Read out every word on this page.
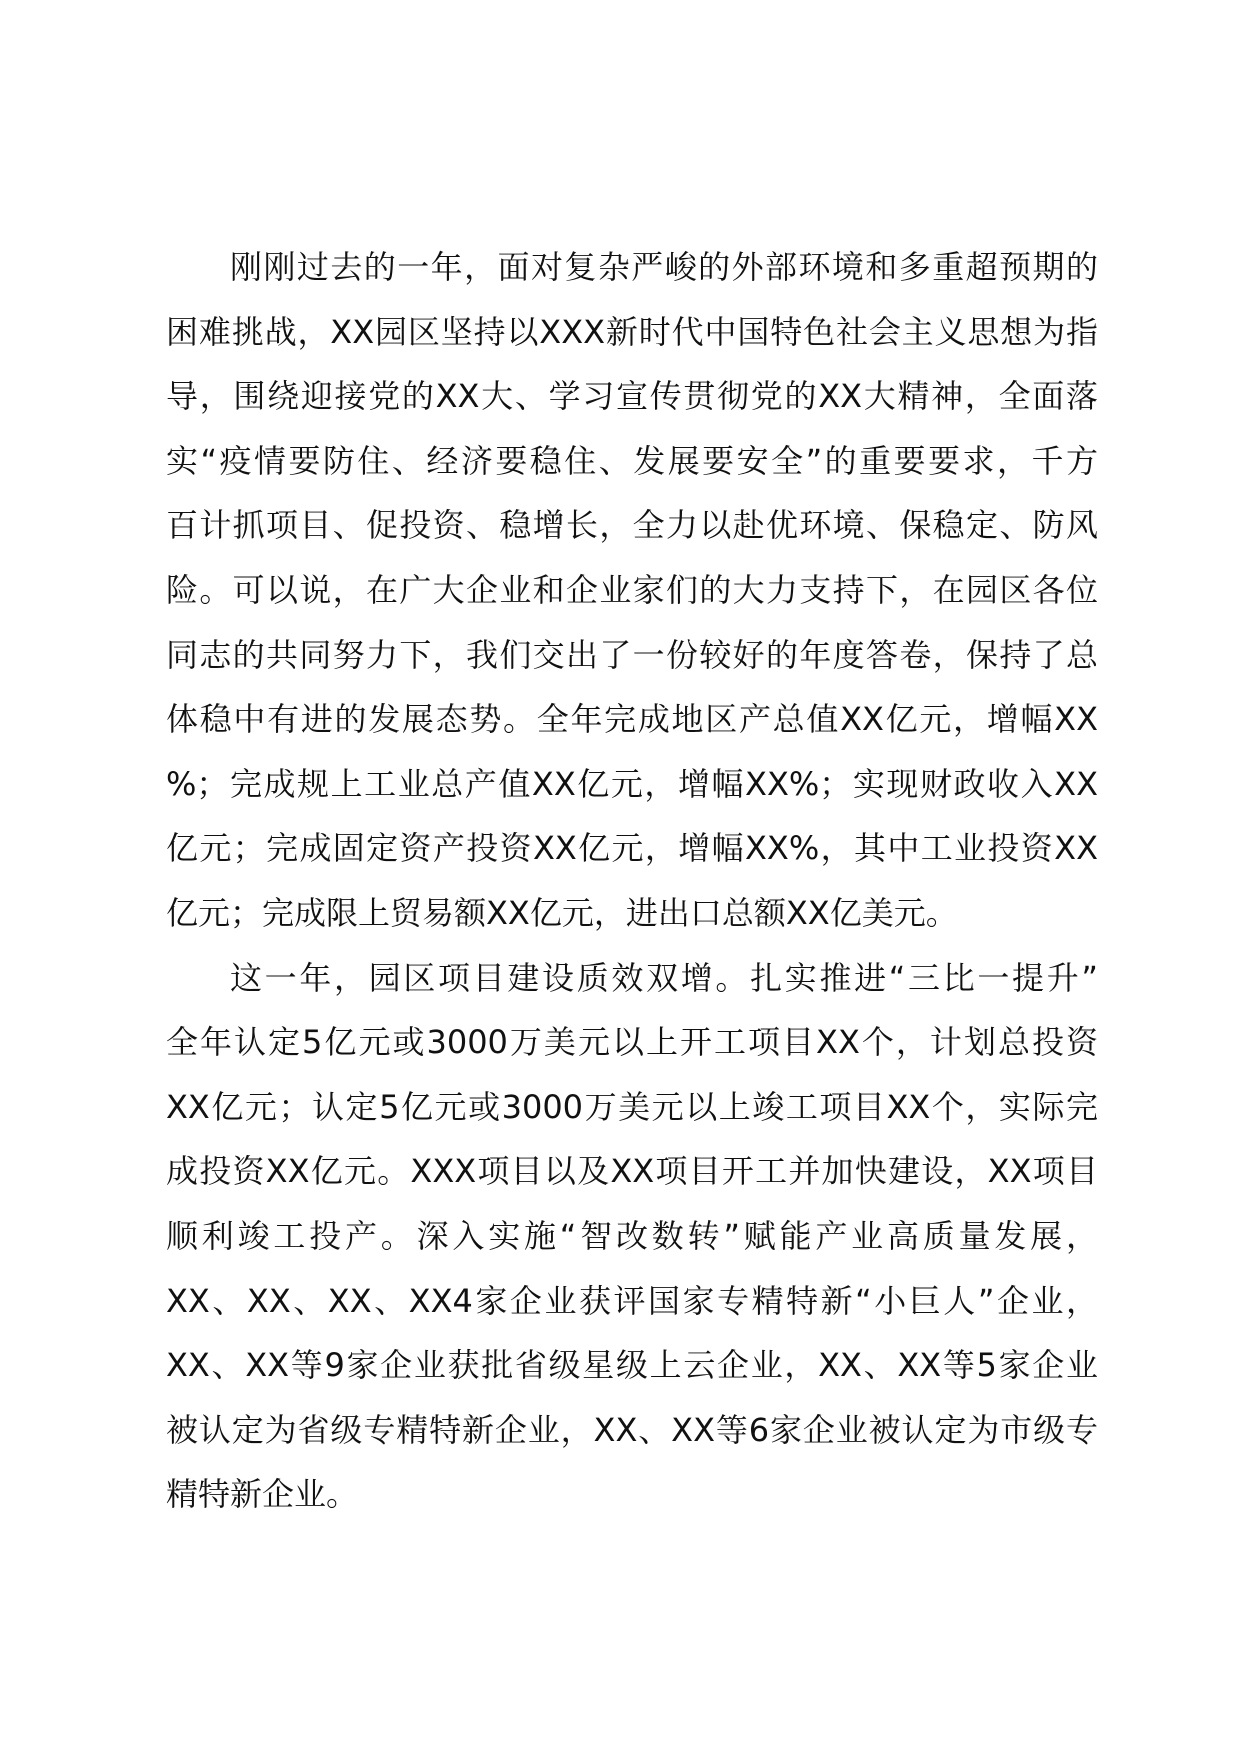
刚刚过去的一年，面对复杂严峻的外部环境和多重超预期的
困难挑战，XX园区坚持以XXX新时代中国特色社会主义思想为指
导，围绕迎接党的XX大、学习宣传贯彻党的XX大精神，全面落
实“疫情要防住、经济要稳住、发展要安全”的重要要求，千方
百计抓项目、促投资、稳增长，全力以赴优环境、保稳定、防风
险。可以说，在广大企业和企业家们的大力支持下，在园区各位
同志的共同努力下，我们交出了一份较好的年度答卷，保持了总
体稳中有进的发展态势。全年完成地区产总值XX亿元，增幅XX
%；完成规上工业总产值XX亿元，增幅XX%；实现财政收入XX
亿元；完成固定资产投资XX亿元，增幅XX%，其中工业投资XX
亿元；完成限上贸易额XX亿元，进出口总额XX亿美元。
这一年，园区项目建设质效双增。扎实推进“三比一提升”
全年认定5亿元或3000万美元以上开工项目XX个，计划总投资
XX亿元；认定5亿元或3000万美元以上竣工项目XX个，实际完
成投资XX亿元。XXX项目以及XX项目开工并加快建设，XX项目
顺利竣工投产。深入实施“智改数转”赋能产业高质量发展，
XX、XX、XX、XX4家企业获评国家专精特新“小巨人”企业，
XX、XX等9家企业获批省级星级上云企业，XX、XX等5家企业
被认定为省级专精特新企业，XX、XX等6家企业被认定为市级专
精特新企业。
